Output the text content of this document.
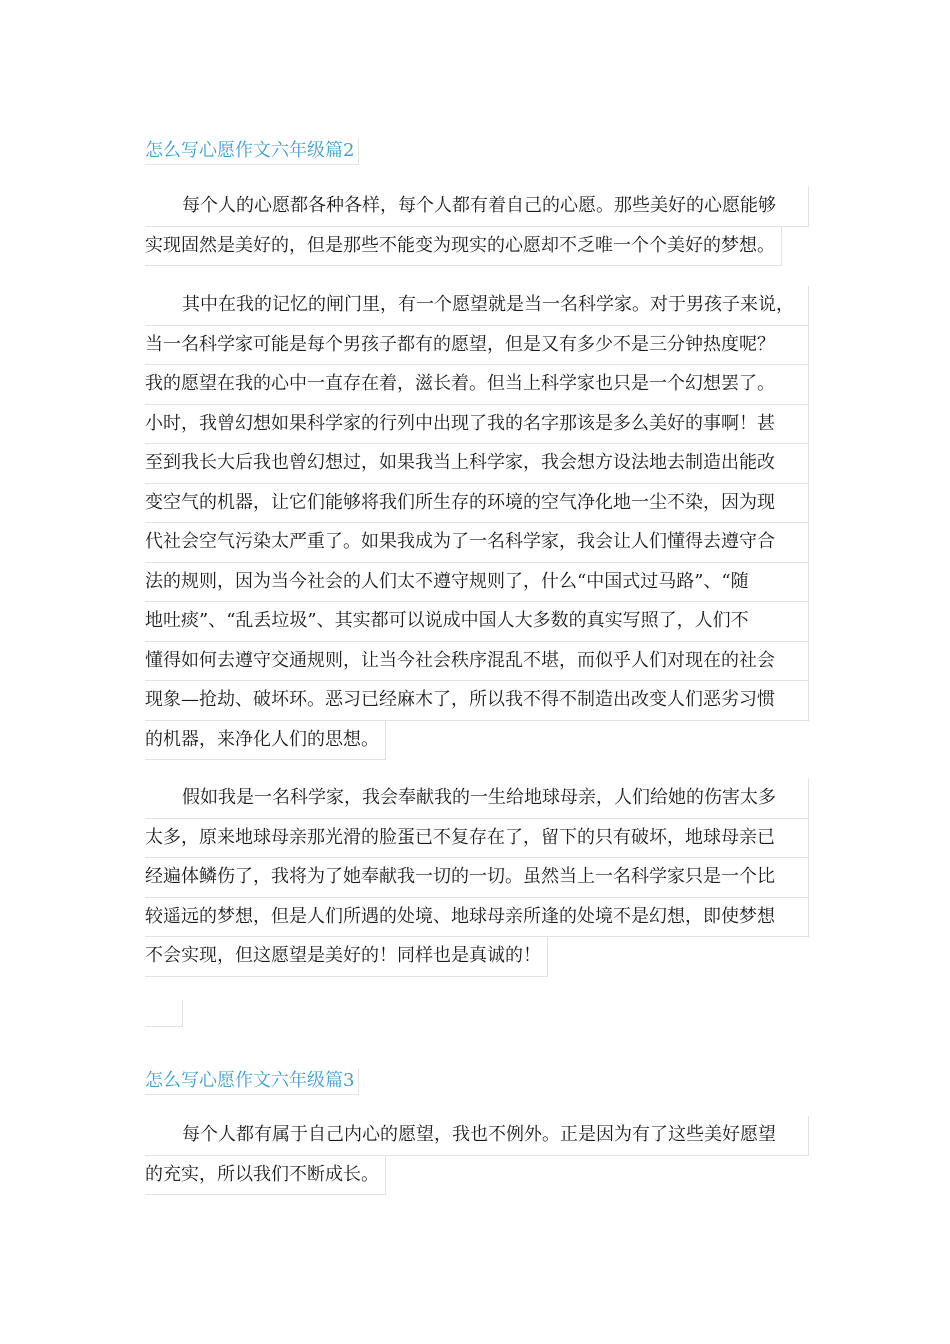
怎么写心愿作文六年级篇2
每个人的心愿都各种各样，每个人都有着自己的心愿。那些美好的心愿能够
实现固然是美好的，但是那些不能变为现实的心愿却不乏唯一个个美好的梦想。
其中在我的记忆的闸门里，有一个愿望就是当一名科学家。对于男孩子来说，
当一名科学家可能是每个男孩子都有的愿望，但是又有多少不是三分钟热度呢？
我的愿望在我的心中一直存在着，滋长着。但当上科学家也只是一个幻想罢了。
小时，我曾幻想如果科学家的行列中出现了我的名字那该是多么美好的事啊！甚
至到我长大后我也曾幻想过，如果我当上科学家，我会想方设法地去制造出能改
变空气的机器，让它们能够将我们所生存的环境的空气净化地一尘不染，因为现
代社会空气污染太严重了。如果我成为了一名科学家，我会让人们懂得去遵守合
法的规则，因为当今社会的人们太不遵守规则了，什么“中国式过马路”、“随
地吐痰”、“乱丢垃圾”、其实都可以说成中国人大多数的真实写照了，人们不
懂得如何去遵守交通规则，让当今社会秩序混乱不堪，而似乎人们对现在的社会
现象—抢劫、破坏环。恶习已经麻木了，所以我不得不制造出改变人们恶劣习惯
的机器，来净化人们的思想。
假如我是一名科学家，我会奉献我的一生给地球母亲，人们给她的伤害太多
太多，原来地球母亲那光滑的脸蛋已不复存在了，留下的只有破坏，地球母亲已
经遍体鳞伤了，我将为了她奉献我一切的一切。虽然当上一名科学家只是一个比
较遥远的梦想，但是人们所遇的处境、地球母亲所逢的处境不是幻想，即使梦想
不会实现，但这愿望是美好的！同样也是真诚的！
怎么写心愿作文六年级篇3
每个人都有属于自己内心的愿望，我也不例外。正是因为有了这些美好愿望
的充实，所以我们不断成长。
